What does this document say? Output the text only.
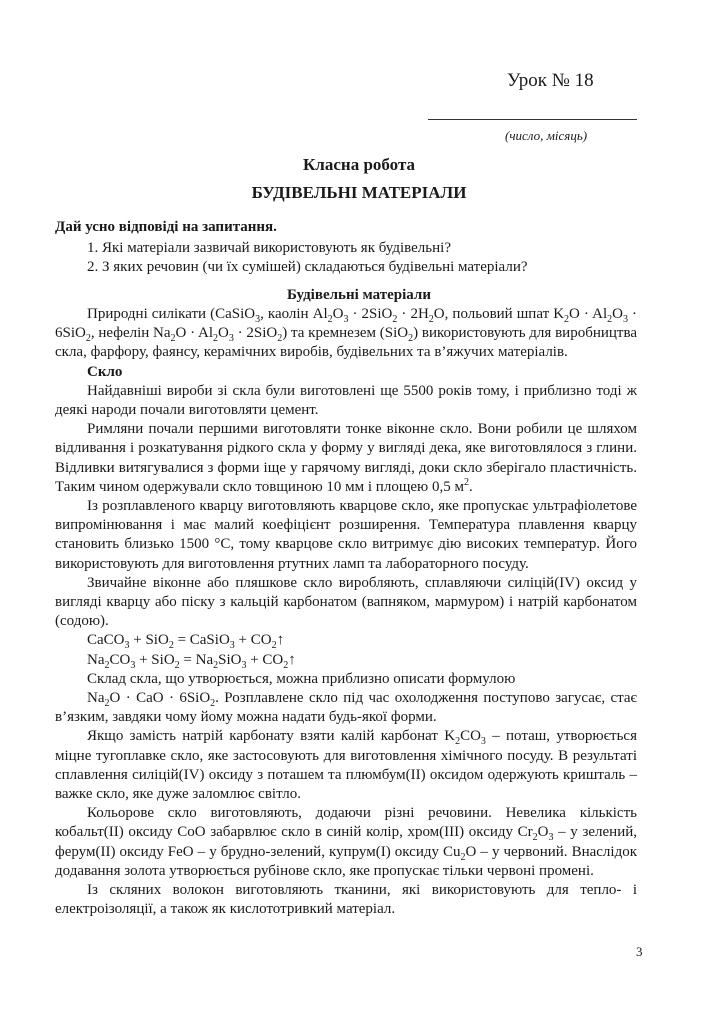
Урок № 18
(число, місяць)
Класна робота
БУДІВЕЛЬНІ МАТЕРІАЛИ
Дай усно відповіді на запитання.
1. Які матеріали зазвичай використовують як будівельні?
2. З яких речовин (чи їх сумішей) складаються будівельні матеріали?
Будівельні матеріали

Природні силікати (CaSiO$_3$, каолін $Al_2O_3 \cdot 2SiO_2 \cdot 2H_2O$, польовий шпат $K_2O \cdot Al_2O_3 \cdot 6SiO_2$, нефелін $Na_2O \cdot Al_2O_3 \cdot 2SiO_2$) та кремнезем (SiO$_2$) використовують для виробництва скла, фарфору, фаянсу, керамічних виробів, будівельних та в’яжучих матеріалів.

Скло

Найдавніші вироби зі скла були виготовлені ще 5500 років тому, і приблизно тоді ж деякі народи почали виготовляти цемент.

Римляни почали першими виготовляти тонке віконне скло. Вони робили це шляхом відливання і розкатування рідкого скла у форму у вигляді дека, яке виготовлялося з глини. Відливки витягувалися з форми іще у гарячому вигляді, доки скло зберігало пластичність. Таким чином одержували скло товщиною 10 мм і площею 0,5 $м^2$.

Із розплавленого кварцу виготовляють кварцове скло, яке пропускає ультрафіолетове випромінювання і має малий коефіцієнт розширення. Температура плавлення кварцу становить близько 1500 °C, тому кварцове скло витримує дію високих температур. Його використовують для виготовлення ртутних ламп та лабораторного посуду.

Звичайне віконне або пляшкове скло виробляють, сплавляючи силіцій(IV) оксид у вигляді кварцу або піску з кальцій карбонатом (вапняком, мармуром) і натрій карбонатом (содою).

CaCO$_3$ + SiO$_2$ = CaSiO$_3$ + $CO_2↑$

$Na_2CO_3 + SiO_2 = Na_2SiO_3$ + $CO_2↑$

Склад скла, що утворюється, можна приблизно описати формулою

$Na_2O$ · CaO · 6SiO$_2$. Розплавлене скло під час охолодження поступово загусає, стає в’язким, завдяки чому йому можна надати будь-якої форми.

Якщо замість натрій карбонату взяти калій карбонат $K_2CO_3$ – поташ, утворюється міцне тугоплавке скло, яке застосовують для виготовлення хімічного посуду. В результаті сплавлення силіцій(IV) оксиду з поташем та плюмбум(II) оксидом одержують кришталь – важке скло, яке дуже заломлює світло.

Кольорове скло виготовляють, додаючи різні речовини. Невелика кількість кобальт(II) оксиду CoO забарвлює скло в синій колір, хром(III) оксиду $Cr_2O_3$ – у зелений, ферум(II) оксиду FeO – у брудно-зелений, купрум(I) оксиду $Cu_2O$ – у червоний. Внаслідок додавання золота утворюється рубінове скло, яке пропускає тільки червоні промені.

Із скляних волокон виготовляють тканини, які використовують для тепло- і електроізоляції, а також як кислототривкий матеріал.

3
